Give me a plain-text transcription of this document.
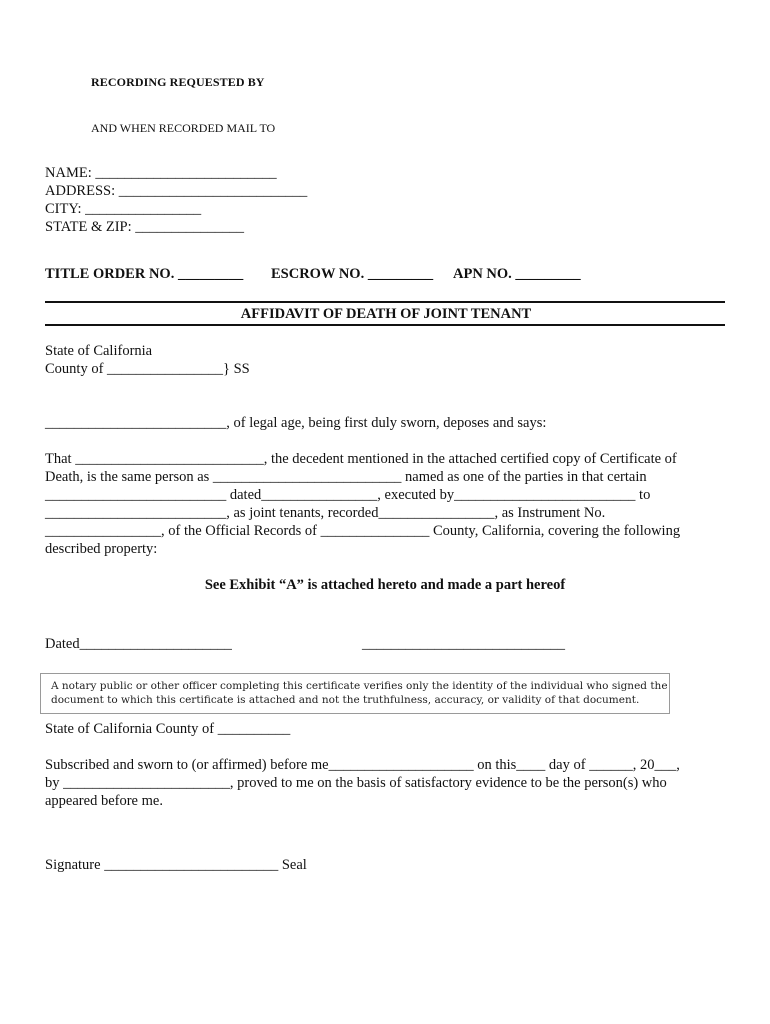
RECORDING REQUESTED BY
AND WHEN RECORDED MAIL TO
NAME: _________________________
ADDRESS: __________________________
CITY: ________________
STATE & ZIP: _______________
TITLE ORDER NO. _________ ESCROW NO. _________ APN NO. _________
AFFIDAVIT OF DEATH OF JOINT TENANT
State of California
County of ________________} SS
_________________________, of legal age, being first duly sworn, deposes and says:
That __________________________, the decedent mentioned in the attached certified copy of Certificate of
Death, is the same person as __________________________ named as one of the parties in that certain
_________________________ dated________________, executed by_________________________ to
_________________________, as joint tenants, recorded________________, as Instrument No.
________________, of the Official Records of _______________ County, California, covering the following
described property:
See Exhibit “A” is attached hereto and made a part hereof
Dated_____________________	____________________________
A notary public or other officer completing this certificate verifies only the identity of the individual who signed the
document to which this certificate is attached and not the truthfulness, accuracy, or validity of that document.
State of California County of __________
Subscribed and sworn to (or affirmed) before me____________________ on this____ day of ______, 20___,
by _______________________, proved to me on the basis of satisfactory evidence to be the person(s) who
appeared before me.
Signature ________________________ Seal
